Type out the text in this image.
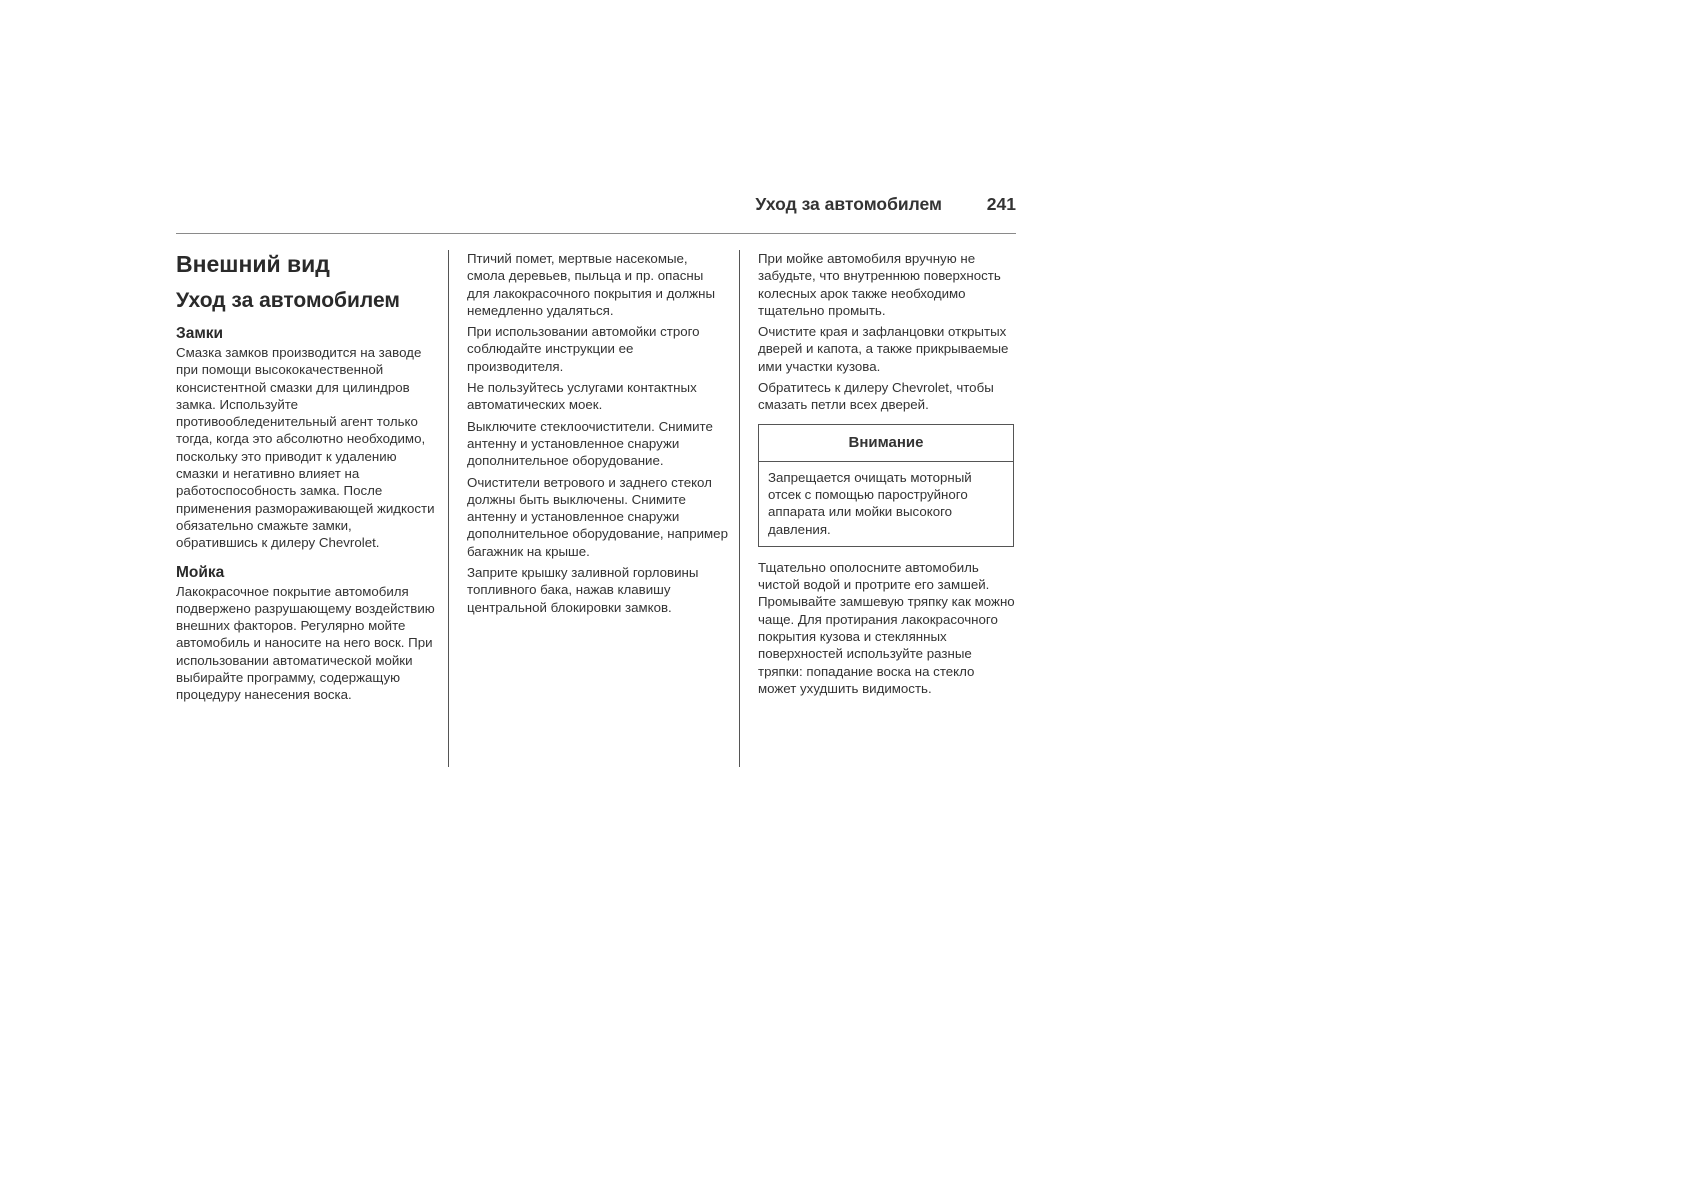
Уход за автомобилем	241
Внешний вид
Уход за автомобилем
Замки

Смазка замков производится на заводе при помощи высококачественной консистентной смазки для цилиндров замка. Используйте противообледенительный агент только тогда, когда это абсолютно необходимо, поскольку это приводит к удалению смазки и негативно влияет на работоспособность замка. После применения размораживающей жидкости обязательно смажьте замки, обратившись к дилеру Chevrolet.

Мойка

Лакокрасочное покрытие автомобиля подвержено разрушающему воздействию внешних факторов. Регулярно мойте автомобиль и наносите на него воск. При использовании автоматической мойки выбирайте программу, содержащую процедуру нанесения воска.

Птичий помет, мертвые насекомые, смола деревьев, пыльца и пр. опасны для лакокрасочного покрытия и должны немедленно удаляться.

При использовании автомойки строго соблюдайте инструкции ее производителя.

Не пользуйтесь услугами контактных автоматических моек.

Выключите стеклоочистители. Снимите антенну и установленное снаружи дополнительное оборудование.

Очистители ветрового и заднего стекол должны быть выключены. Снимите антенну и установленное снаружи дополнительное оборудование, например багажник на крыше.

Заприте крышку заливной горловины топливного бака, нажав клавишу центральной блокировки замков.

При мойке автомобиля вручную не забудьте, что внутреннюю поверхность колесных арок также необходимо тщательно промыть.

Очистите края и зафланцовки открытых дверей и капота, а также прикрываемые ими участки кузова.

Обратитесь к дилеру Chevrolet, чтобы смазать петли всех дверей.

Внимание
Запрещается очищать моторный отсек с помощью пароструйного аппарата или мойки высокого давления.

Тщательно ополосните автомобиль чистой водой и протрите его замшей. Промывайте замшевую тряпку как можно чаще. Для протирания лакокрасочного покрытия кузова и стеклянных поверхностей используйте разные тряпки: попадание воска на стекло может ухудшить видимость.
